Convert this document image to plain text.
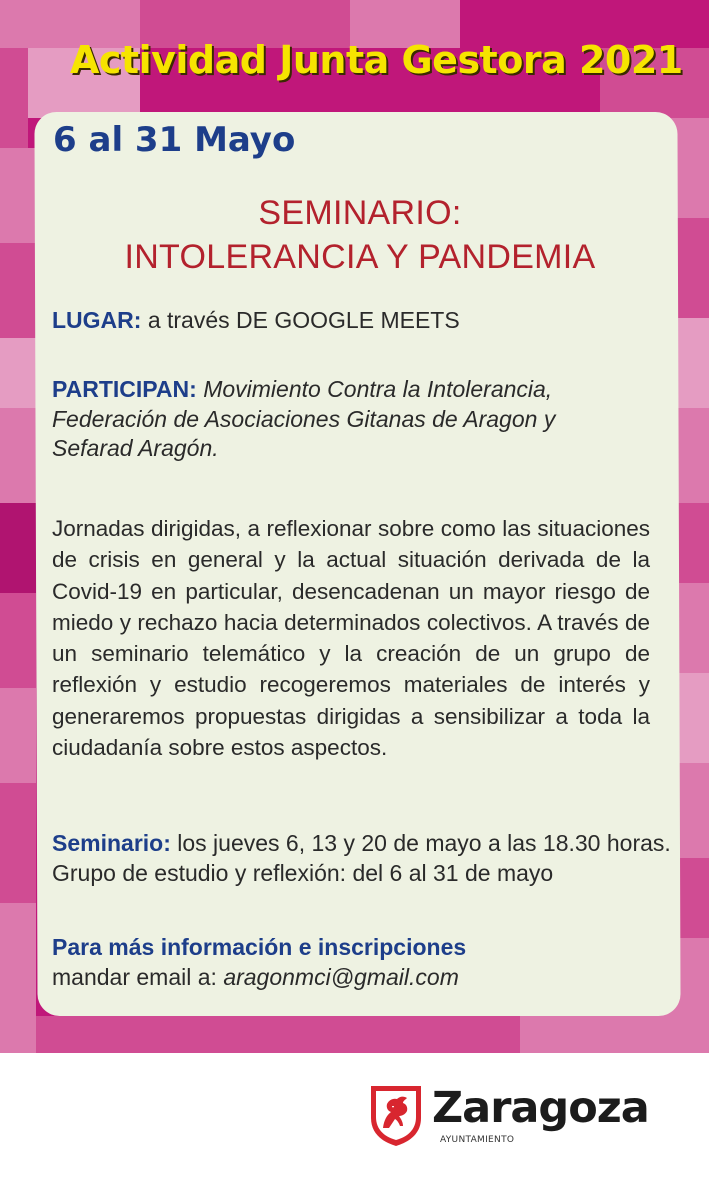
Actividad Junta Gestora 2021
6 al 31 Mayo
SEMINARIO:
INTOLERANCIA Y PANDEMIA
LUGAR: a través DE GOOGLE MEETS
PARTICIPAN: Movimiento Contra la Intolerancia, Federación de Asociaciones Gitanas de Aragon y Sefarad Aragón.
Jornadas dirigidas, a reflexionar sobre como las situaciones de crisis en general y la actual situación derivada de la Covid-19 en particular, desencadenan un mayor riesgo de miedo y rechazo hacia determinados colectivos. A través de un seminario telemático y la creación de un grupo de reflexión y estudio recogeremos materiales de interés y generaremos propuestas dirigidas a sensibilizar a toda la ciudadanía sobre estos aspectos.
Seminario: los jueves 6, 13 y 20 de mayo a las 18.30 horas.
Grupo de estudio y reflexión: del 6 al 31 de mayo
Para más información e inscripciones
mandar email a: aragonmci@gmail.com
Zaragoza
AYUNTAMIENTO
